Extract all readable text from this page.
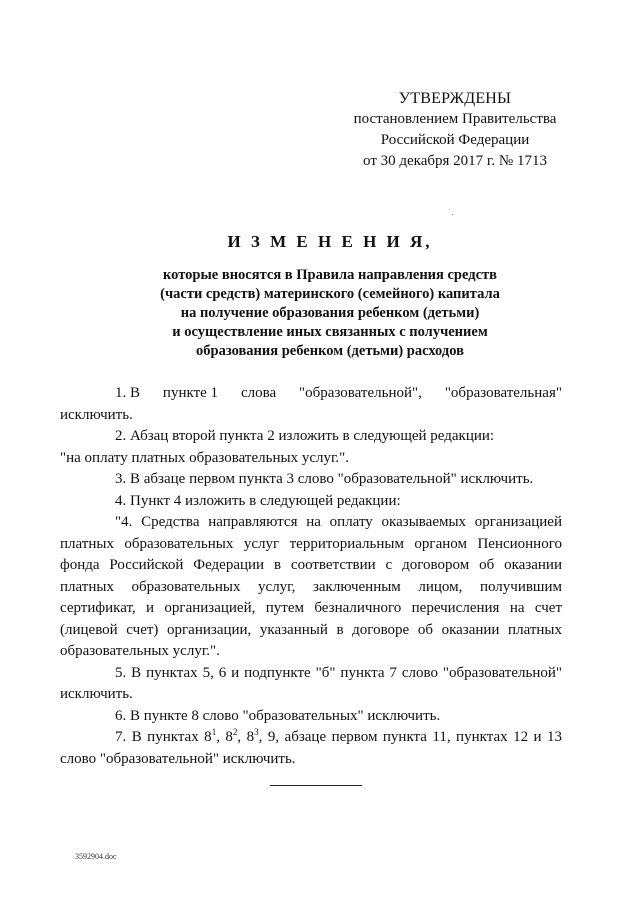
УТВЕРЖДЕНЫ
постановлением Правительства
Российской Федерации
от 30 декабря 2017 г. № 1713
И З М Е Н Е Н И Я,
которые вносятся в Правила направления средств
(части средств) материнского (семейного) капитала
на получение образования ребенком (детьми)
и осуществление иных связанных с получением
образования ребенком (детьми) расходов
1. В пункте 1 слова "образовательной", "образовательная"

исключить.

2. Абзац второй пункта 2 изложить в следующей редакции:

"на оплату платных образовательных услуг.".

3. В абзаце первом пункта 3 слово "образовательной" исключить.

4. Пункт 4 изложить в следующей редакции:

"4. Средства направляются на оплату оказываемых организацией платных образовательных услуг территориальным органом Пенсионного фонда Российской Федерации в соответствии с договором об оказании платных образовательных услуг, заключенным лицом, получившим сертификат, и организацией, путем безналичного перечисления на счет (лицевой счет) организации, указанный в договоре об оказании платных образовательных услуг.".

5. В пунктах 5, 6 и подпункте "б" пункта 7 слово "образовательной" исключить.

6. В пункте 8 слово "образовательных" исключить.

7. В пунктах $8^1$, $8^2$, $8^3$, 9, абзаце первом пункта 11, пунктах 12 и 13 слово "образовательной" исключить.

3592904.doc
